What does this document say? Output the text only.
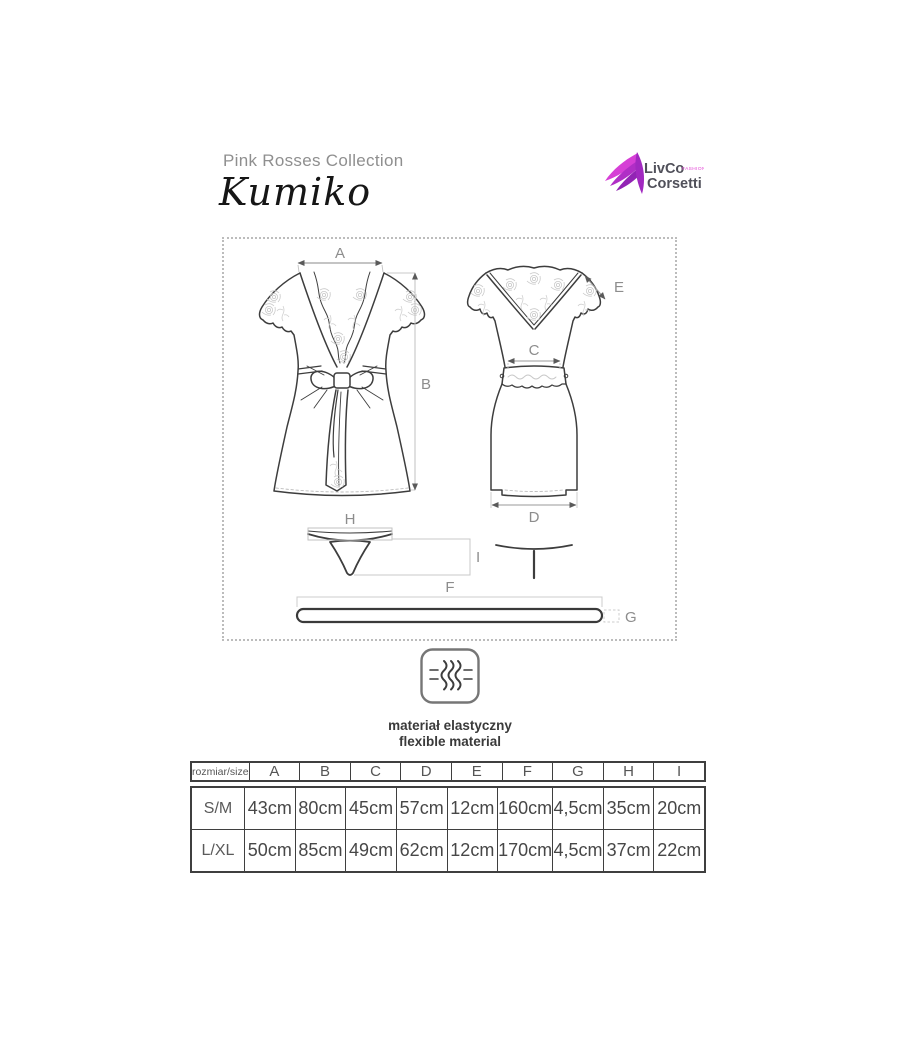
Pink Rosses Collection
Kumiko
LivCo
FASHION
Corsetti
A
B
C
D
E
F
G
H
I
materiał elastyczny
flexible material
rozmiar/size	A	B	C	D	E	F	G	H	I
S/M 43cm 80cm 45cm 57cm 12cm 160cm 4,5cm 35cm 20cm
L/XL 50cm 85cm 49cm 62cm 12cm 170cm 4,5cm 37cm 22cm
